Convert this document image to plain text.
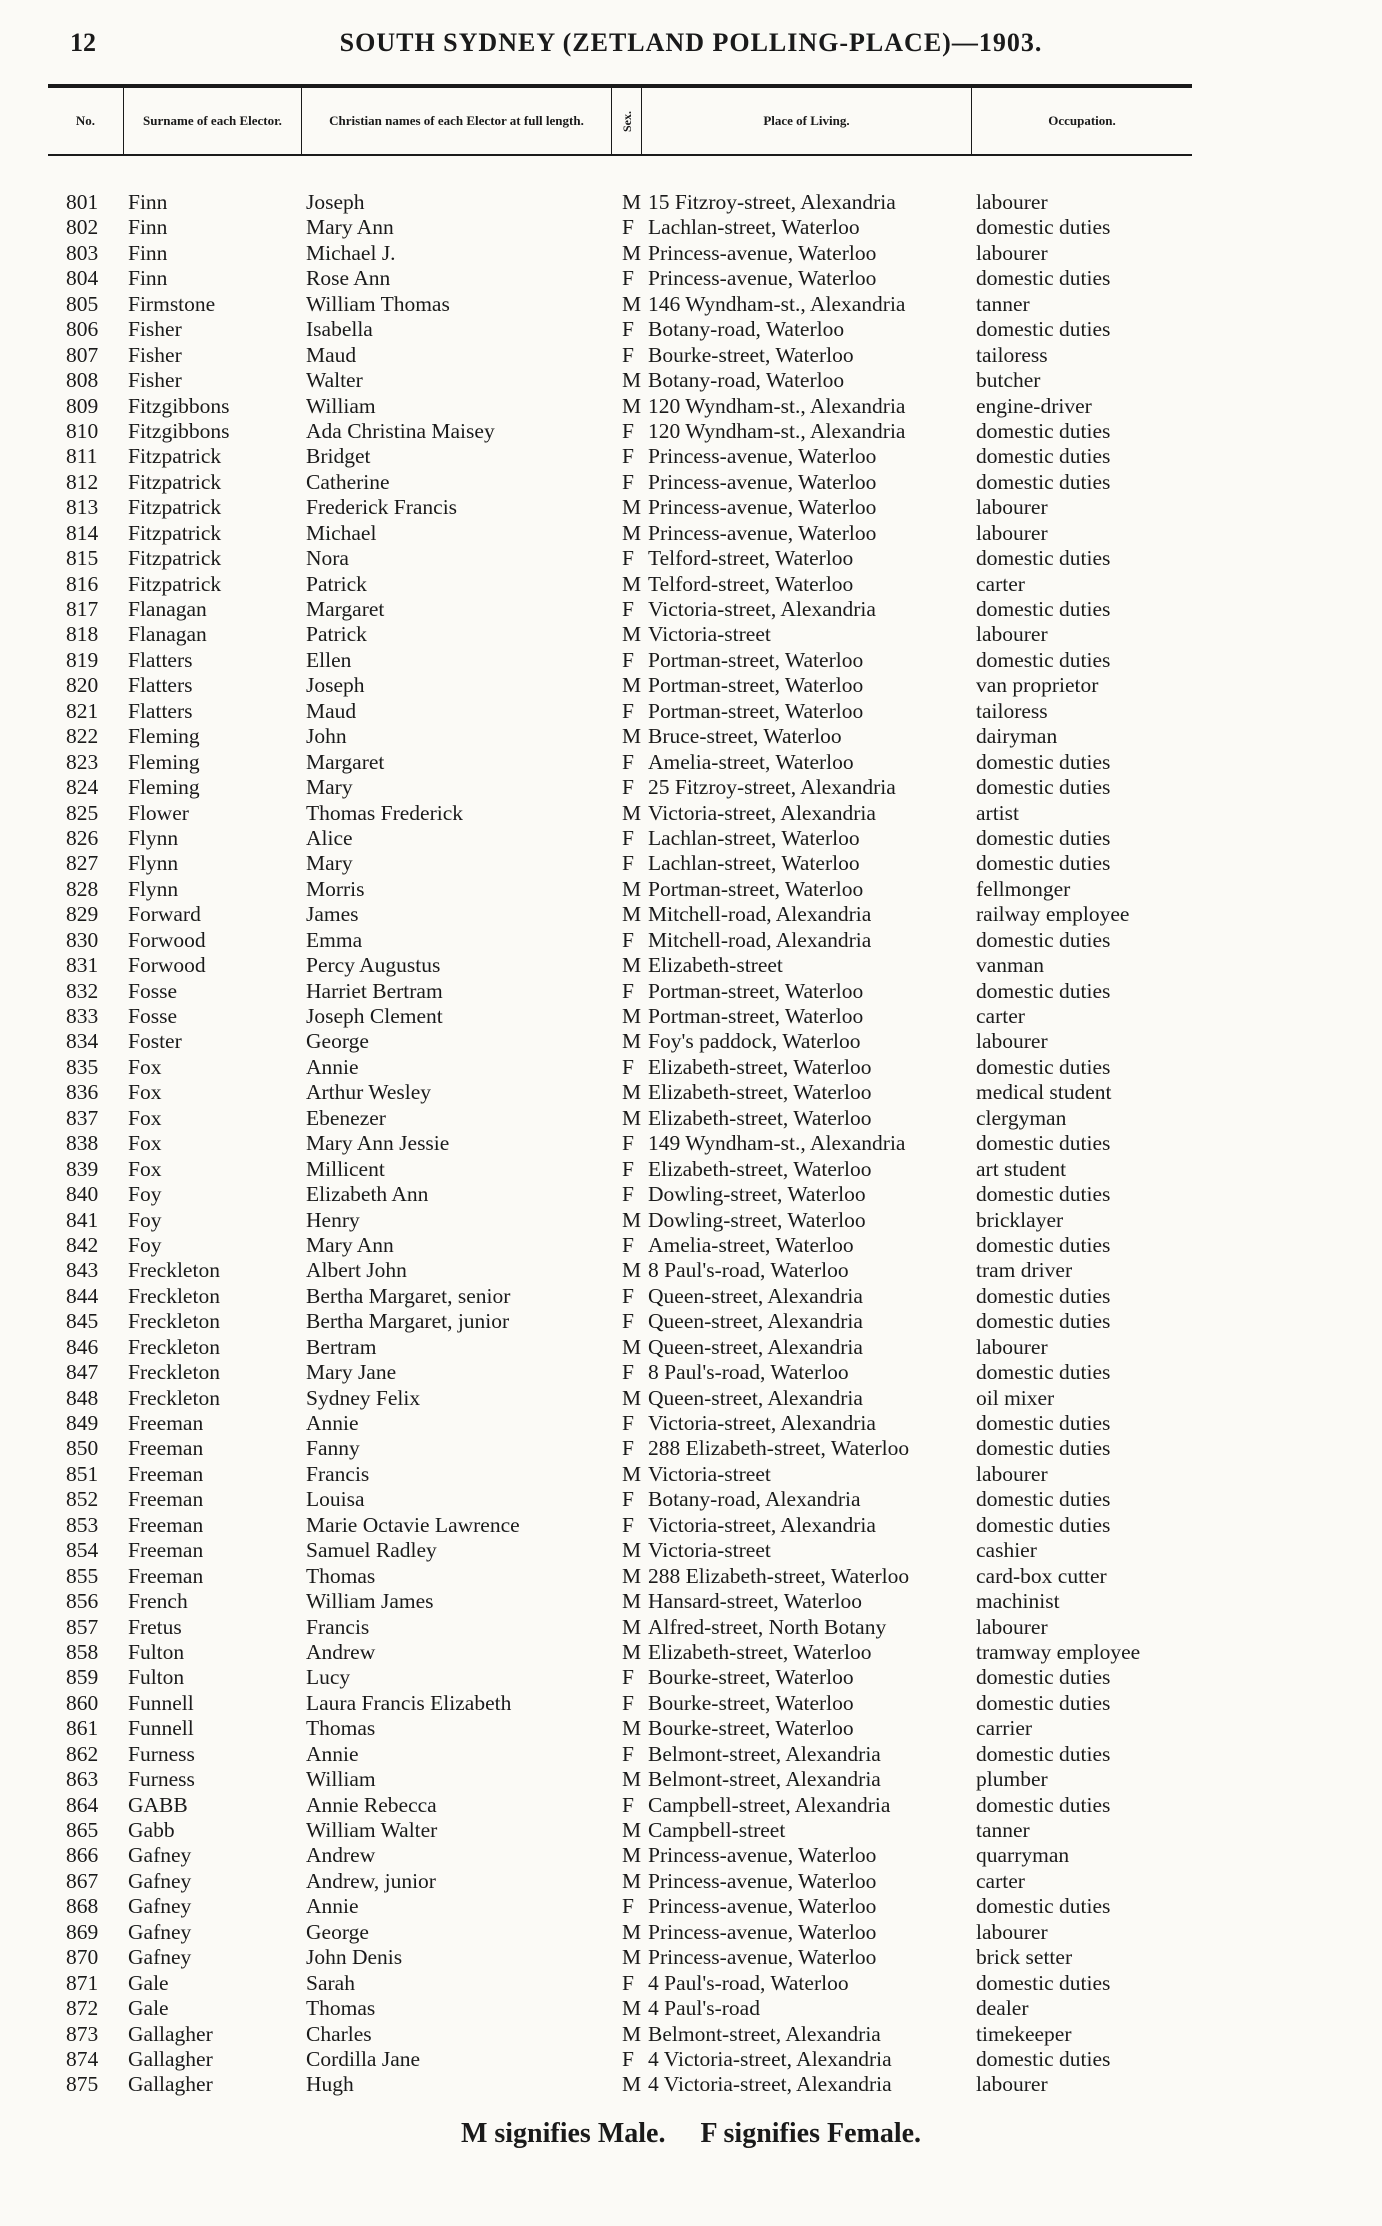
12	SOUTH SYDNEY (ZETLAND POLLING-PLACE)—1903.
No.	Surname of each Elector.	Christian names of each Elector at full length.	Sex.	Place of Living.	Occupation.
801	Finn	Joseph	M 15 Fitzroy-street, Alexandria	labourer
802	Finn	Mary Ann	F Lachlan-street, Waterloo	domestic duties
803	Finn	Michael J.	M Princess-avenue, Waterloo	labourer
804	Finn	Rose Ann	F Princess-avenue, Waterloo	domestic duties
805	Firmstone	William Thomas	M 146 Wyndham-st., Alexandria	tanner
806	Fisher	Isabella	F Botany-road, Waterloo	domestic duties
807	Fisher	Maud	F Bourke-street, Waterloo	tailoress
808	Fisher	Walter	M Botany-road, Waterloo	butcher
809	Fitzgibbons	William	M 120 Wyndham-st., Alexandria	engine-driver
810	Fitzgibbons	Ada Christina Maisey	F 120 Wyndham-st., Alexandria	domestic duties
811	Fitzpatrick	Bridget	F Princess-avenue, Waterloo	domestic duties
812	Fitzpatrick	Catherine	F Princess-avenue, Waterloo	domestic duties
813	Fitzpatrick	Frederick Francis	M Princess-avenue, Waterloo	labourer
814	Fitzpatrick	Michael	M Princess-avenue, Waterloo	labourer
815	Fitzpatrick	Nora	F Telford-street, Waterloo	domestic duties
816	Fitzpatrick	Patrick	M Telford-street, Waterloo	carter
817	Flanagan	Margaret	F Victoria-street, Alexandria	domestic duties
818	Flanagan	Patrick	M Victoria-street	labourer
819	Flatters	Ellen	F Portman-street, Waterloo	domestic duties
820	Flatters	Joseph	M Portman-street, Waterloo	van proprietor
821	Flatters	Maud	F Portman-street, Waterloo	tailoress
822	Fleming	John	M Bruce-street, Waterloo	dairyman
823	Fleming	Margaret	F Amelia-street, Waterloo	domestic duties
824	Fleming	Mary	F 25 Fitzroy-street, Alexandria	domestic duties
825	Flower	Thomas Frederick	M Victoria-street, Alexandria	artist
826	Flynn	Alice	F Lachlan-street, Waterloo	domestic duties
827	Flynn	Mary	F Lachlan-street, Waterloo	domestic duties
828	Flynn	Morris	M Portman-street, Waterloo	fellmonger
829	Forward	James	M Mitchell-road, Alexandria	railway employee
830	Forwood	Emma	F Mitchell-road, Alexandria	domestic duties
831	Forwood	Percy Augustus	M Elizabeth-street	vanman
832	Fosse	Harriet Bertram	F Portman-street, Waterloo	domestic duties
833	Fosse	Joseph Clement	M Portman-street, Waterloo	carter
834	Foster	George	M Foy's paddock, Waterloo	labourer
835	Fox	Annie	F Elizabeth-street, Waterloo	domestic duties
836	Fox	Arthur Wesley	M Elizabeth-street, Waterloo	medical student
837	Fox	Ebenezer	M Elizabeth-street, Waterloo	clergyman
838	Fox	Mary Ann Jessie	F 149 Wyndham-st., Alexandria	domestic duties
839	Fox	Millicent	F Elizabeth-street, Waterloo	art student
840	Foy	Elizabeth Ann	F Dowling-street, Waterloo	domestic duties
841	Foy	Henry	M Dowling-street, Waterloo	bricklayer
842	Foy	Mary Ann	F Amelia-street, Waterloo	domestic duties
843	Freckleton	Albert John	M 8 Paul's-road, Waterloo	tram driver
844	Freckleton	Bertha Margaret, senior	F Queen-street, Alexandria	domestic duties
845	Freckleton	Bertha Margaret, junior	F Queen-street, Alexandria	domestic duties
846	Freckleton	Bertram	M Queen-street, Alexandria	labourer
847	Freckleton	Mary Jane	F 8 Paul's-road, Waterloo	domestic duties
848	Freckleton	Sydney Felix	M Queen-street, Alexandria	oil mixer
849	Freeman	Annie	F Victoria-street, Alexandria	domestic duties
850	Freeman	Fanny	F 288 Elizabeth-street, Waterloo	domestic duties
851	Freeman	Francis	M Victoria-street	labourer
852	Freeman	Louisa	F Botany-road, Alexandria	domestic duties
853	Freeman	Marie Octavie Lawrence	F Victoria-street, Alexandria	domestic duties
854	Freeman	Samuel Radley	M Victoria-street	cashier
855	Freeman	Thomas	M 288 Elizabeth-street, Waterloo	card-box cutter
856	French	William James	M Hansard-street, Waterloo	machinist
857	Fretus	Francis	M Alfred-street, North Botany	labourer
858	Fulton	Andrew	M Elizabeth-street, Waterloo	tramway employee
859	Fulton	Lucy	F Bourke-street, Waterloo	domestic duties
860	Funnell	Laura Francis Elizabeth	F Bourke-street, Waterloo	domestic duties
861	Funnell	Thomas	M Bourke-street, Waterloo	carrier
862	Furness	Annie	F Belmont-street, Alexandria	domestic duties
863	Furness	William	M Belmont-street, Alexandria	plumber
864	GABB	Annie Rebecca	F Campbell-street, Alexandria	domestic duties
865	Gabb	William Walter	M Campbell-street	tanner
866	Gafney	Andrew	M Princess-avenue, Waterloo	quarryman
867	Gafney	Andrew, junior	M Princess-avenue, Waterloo	carter
868	Gafney	Annie	F Princess-avenue, Waterloo	domestic duties
869	Gafney	George	M Princess-avenue, Waterloo	labourer
870	Gafney	John Denis	M Princess-avenue, Waterloo	brick setter
871	Gale	Sarah	F 4 Paul's-road, Waterloo	domestic duties
872	Gale	Thomas	M 4 Paul's-road	dealer
873	Gallagher	Charles	M Belmont-street, Alexandria	timekeeper
874	Gallagher	Cordilla Jane	F 4 Victoria-street, Alexandria	domestic duties
875	Gallagher	Hugh	M 4 Victoria-street, Alexandria	labourer
M signifies Male. F signifies Female.
